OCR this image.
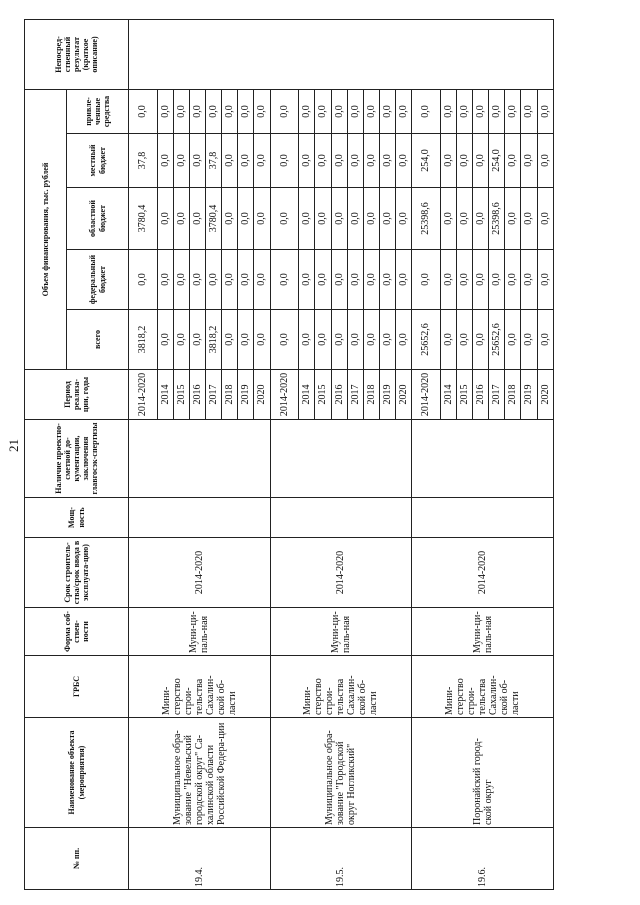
21
№ пп.	Наименование объекта (мероприятия)	ГРБС	Форма соб-ствен-ности	Срок строитель-ства/срок ввода в эксплуата-цию)	Мощ-ность	Наличие проектно-сметной до-кументации, заключения главгосэк-спертизы	Период реализа-ции, годы	Объем финансирования, тыс. рублей					Непосред-ственный результат (краткое описание)
								всего	федеральный бюджет	областной бюджет	местный бюджет	привле-ченные средства	
19.4.	Муниципальное обра-зование "Невельский городской округ" Са-халинской области Российской Федера-ции	Мини-стерство строи-тельства Сахалин-ской об-ласти	Муни-ци-паль-ная	2014-2020			2014-2020	3818,2	0,0	3780,4	37,8	0,0	
							2014	0,0	0,0	0,0	0,0	0,0	
							2015	0,0	0,0	0,0	0,0	0,0	
							2016	0,0	0,0	0,0	0,0	0,0	
							2017	3818,2	0,0	3780,4	37,8	0,0	
							2018	0,0	0,0	0,0	0,0	0,0	
							2019	0,0	0,0	0,0	0,0	0,0	
							2020	0,0	0,0	0,0	0,0	0,0	
19.5.	Муниципальное обра-зование "Городской округ Ногликский"	Мини-стерство строи-тельства Сахалин-ской об-ласти	Муни-ци-паль-ная	2014-2020			2014-2020	0,0	0,0	0,0	0,0	0,0	
							2014	0,0	0,0	0,0	0,0	0,0	
							2015	0,0	0,0	0,0	0,0	0,0	
							2016	0,0	0,0	0,0	0,0	0,0	
							2017	0,0	0,0	0,0	0,0	0,0	
							2018	0,0	0,0	0,0	0,0	0,0	
							2019	0,0	0,0	0,0	0,0	0,0	
							2020	0,0	0,0	0,0	0,0	0,0	
19.6.	Поронайский город-ской округ	Мини-стерство строи-тельства Сахалин-ской об-ласти	Муни-ци-паль-ная	2014-2020			2014-2020	25652,6	0,0	25398,6	254,0	0,0	
							2014	0,0	0,0	0,0	0,0	0,0	
							2015	0,0	0,0	0,0	0,0	0,0	
							2016	0,0	0,0	0,0	0,0	0,0	
							2017	25652,6	0,0	25398,6	254,0	0,0	
							2018	0,0	0,0	0,0	0,0	0,0	
							2019	0,0	0,0	0,0	0,0	0,0	
							2020	0,0	0,0	0,0	0,0	0,0	
